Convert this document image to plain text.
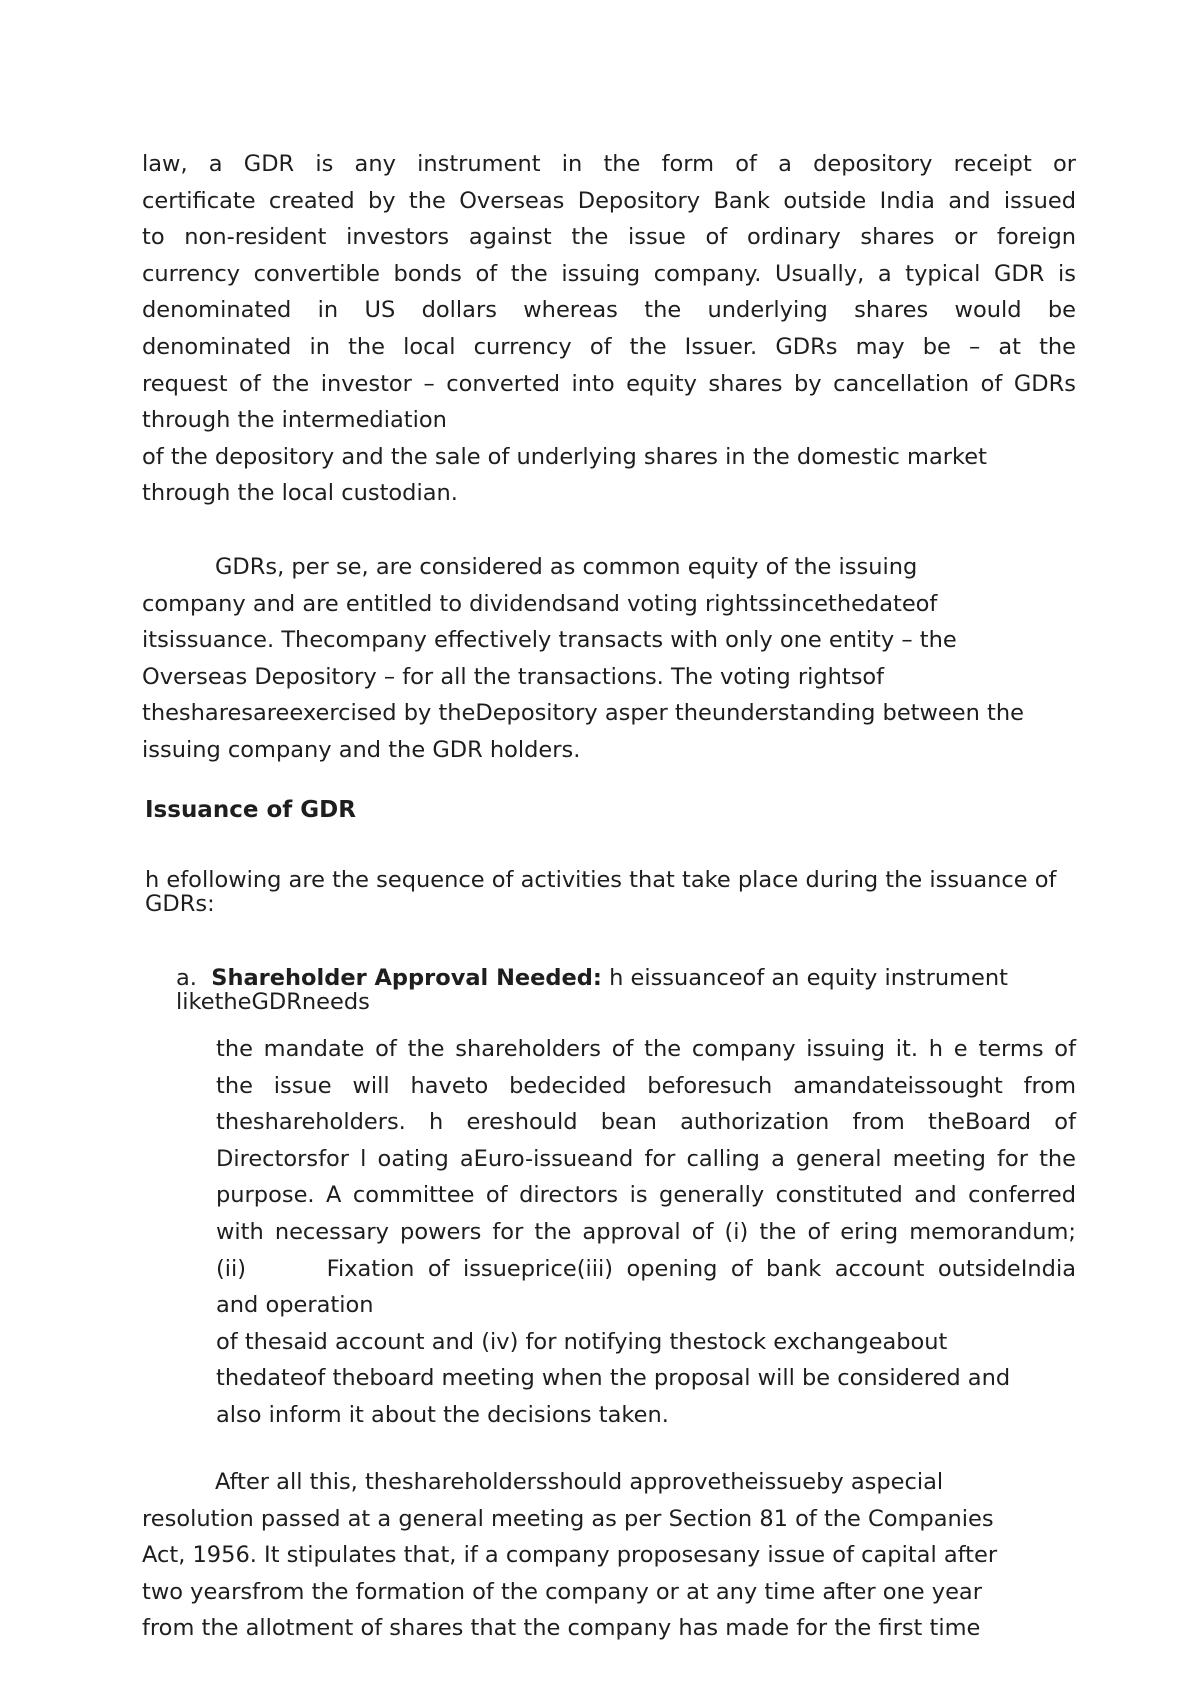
law, a GDR is any instrument in the form of a depository receipt or
certificate created by the Overseas Depository Bank outside India and issued
to non-resident investors against the issue of ordinary shares or foreign
currency convertible bonds of the issuing company. Usually, a typical GDR is
denominated in US dollars whereas the underlying shares would be
denominated in the local currency of the Issuer. GDRs may be – at the
request of the investor – converted into equity shares by cancellation of GDRs
through the intermediation
of the depository and the sale of underlying shares in the domestic market
through the local custodian.
GDRs, per se, are considered as common equity of the issuing
company and are entitled to dividendsand voting rightssincethedateof
itsissuance. Thecompany effectively transacts with only one entity – the
Overseas Depository – for all the transactions. The voting rightsof
thesharesareexercised by theDepository asper theunderstanding between the
issuing company and the GDR holders.
Issuance of GDR
h efollowing are the sequence of activities that take place during the issuance of
GDRs:
a. Shareholder Approval Needed: h eissuanceof an equity instrument
liketheGDRneeds
the mandate of the shareholders of the company issuing it. h e terms of
the issue will haveto bedecided beforesuch amandateissought from
theshareholders. h ereshould bean authorization from theBoard of
Directorsfor l oating aEuro-issueand for calling a general meeting for the
purpose. A committee of directors is generally constituted and conferred
with necessary powers for the approval of (i) the of ering memorandum;
(ii)      Fixation of issueprice(iii) opening of bank account outsideIndia
and operation
of thesaid account and (iv) for notifying thestock exchangeabout
thedateof theboard meeting when the proposal will be considered and
also inform it about the decisions taken.
After all this, theshareholdersshould approvetheissueby aspecial
resolution passed at a general meeting as per Section 81 of the Companies
Act, 1956. It stipulates that, if a company proposesany issue of capital after
two yearsfrom the formation of the company or at any time after one year
from the allotment of shares that the company has made for the first time
